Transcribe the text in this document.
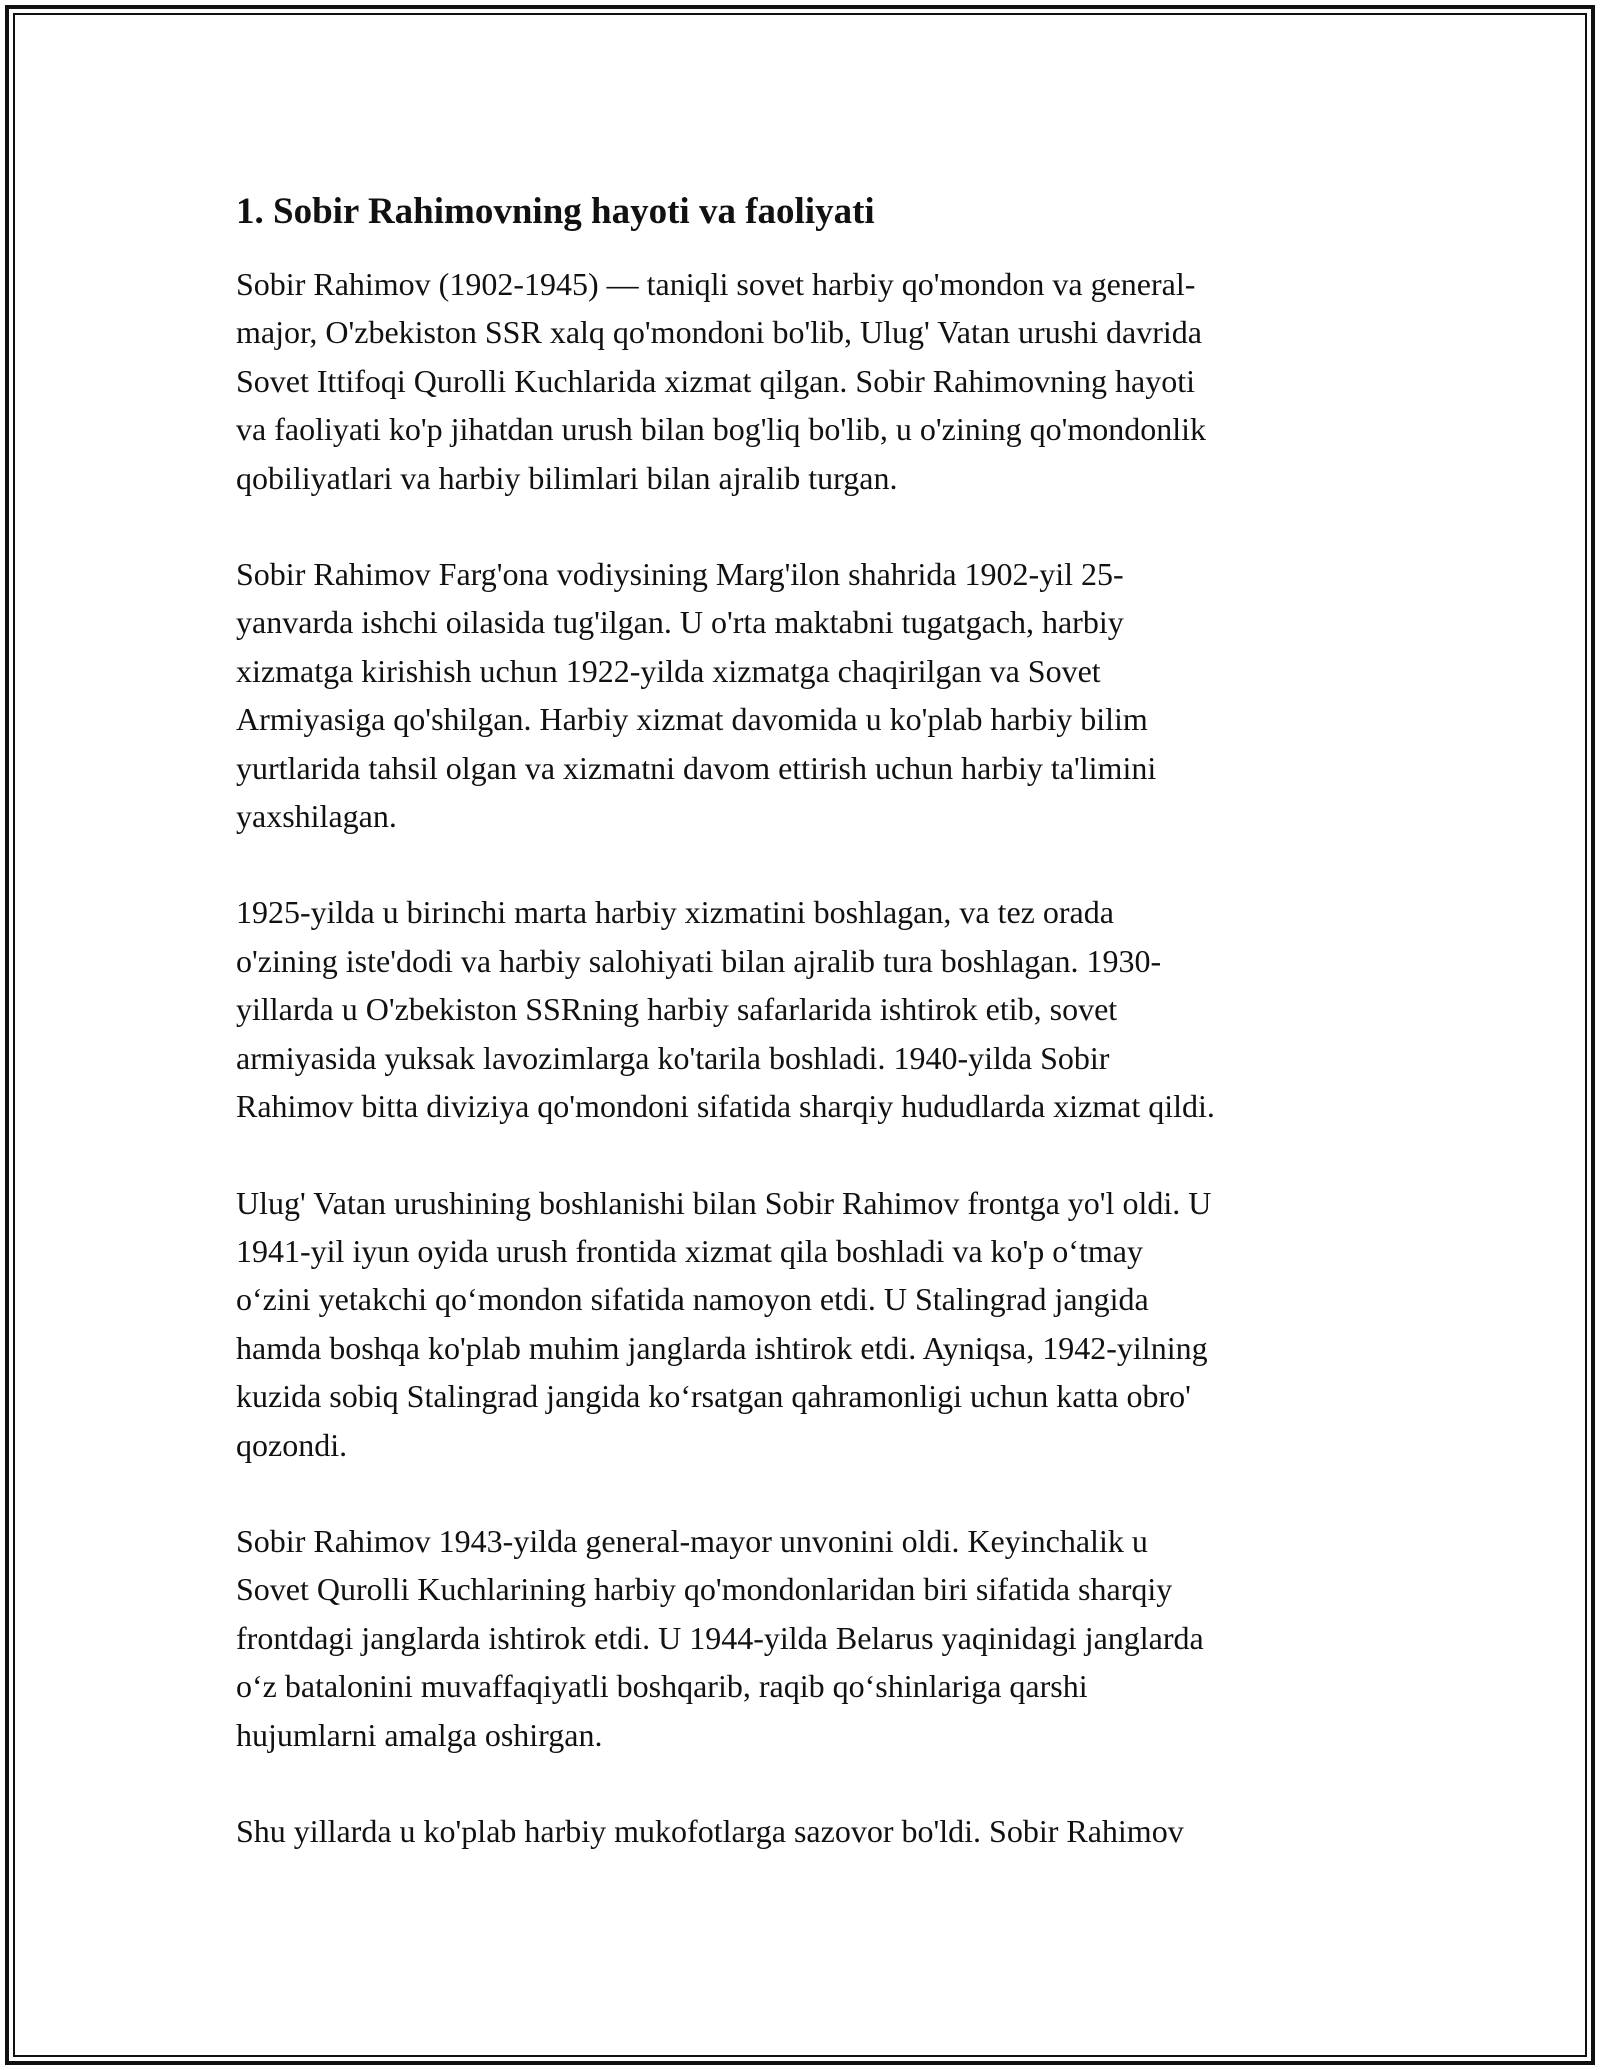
1. Sobir Rahimovning hayoti va faoliyati

Sobir Rahimov (1902-1945) — taniqli sovet harbiy qo'mondon va general-
major, O'zbekiston SSR xalq qo'mondoni bo'lib, Ulug' Vatan urushi davrida
Sovet Ittifoqi Qurolli Kuchlarida xizmat qilgan. Sobir Rahimovning hayoti
va faoliyati ko'p jihatdan urush bilan bog'liq bo'lib, u o'zining qo'mondonlik
qobiliyatlari va harbiy bilimlari bilan ajralib turgan.

Sobir Rahimov Farg'ona vodiysining Marg'ilon shahrida 1902-yil 25-
yanvarda ishchi oilasida tug'ilgan. U o'rta maktabni tugatgach, harbiy
xizmatga kirishish uchun 1922-yilda xizmatga chaqirilgan va Sovet
Armiyasiga qo'shilgan. Harbiy xizmat davomida u ko'plab harbiy bilim
yurtlarida tahsil olgan va xizmatni davom ettirish uchun harbiy ta'limini
yaxshilagan.

1925-yilda u birinchi marta harbiy xizmatini boshlagan, va tez orada
o'zining iste'dodi va harbiy salohiyati bilan ajralib tura boshlagan. 1930-
yillarda u O'zbekiston SSRning harbiy safarlarida ishtirok etib, sovet
armiyasida yuksak lavozimlarga ko'tarila boshladi. 1940-yilda Sobir
Rahimov bitta diviziya qo'mondoni sifatida sharqiy hududlarda xizmat qildi.

Ulug' Vatan urushining boshlanishi bilan Sobir Rahimov frontga yo'l oldi. U
1941-yil iyun oyida urush frontida xizmat qila boshladi va ko'p o‘tmay
o‘zini yetakchi qo‘mondon sifatida namoyon etdi. U Stalingrad jangida
hamda boshqa ko'plab muhim janglarda ishtirok etdi. Ayniqsa, 1942-yilning
kuzida sobiq Stalingrad jangida ko‘rsatgan qahramonligi uchun katta obro'
qozondi.

Sobir Rahimov 1943-yilda general-mayor unvonini oldi. Keyinchalik u
Sovet Qurolli Kuchlarining harbiy qo'mondonlaridan biri sifatida sharqiy
frontdagi janglarda ishtirok etdi. U 1944-yilda Belarus yaqinidagi janglarda
o‘z batalonini muvaffaqiyatli boshqarib, raqib qo‘shinlariga qarshi
hujumlarni amalga oshirgan.

Shu yillarda u ko'plab harbiy mukofotlarga sazovor bo'ldi. Sobir Rahimov
